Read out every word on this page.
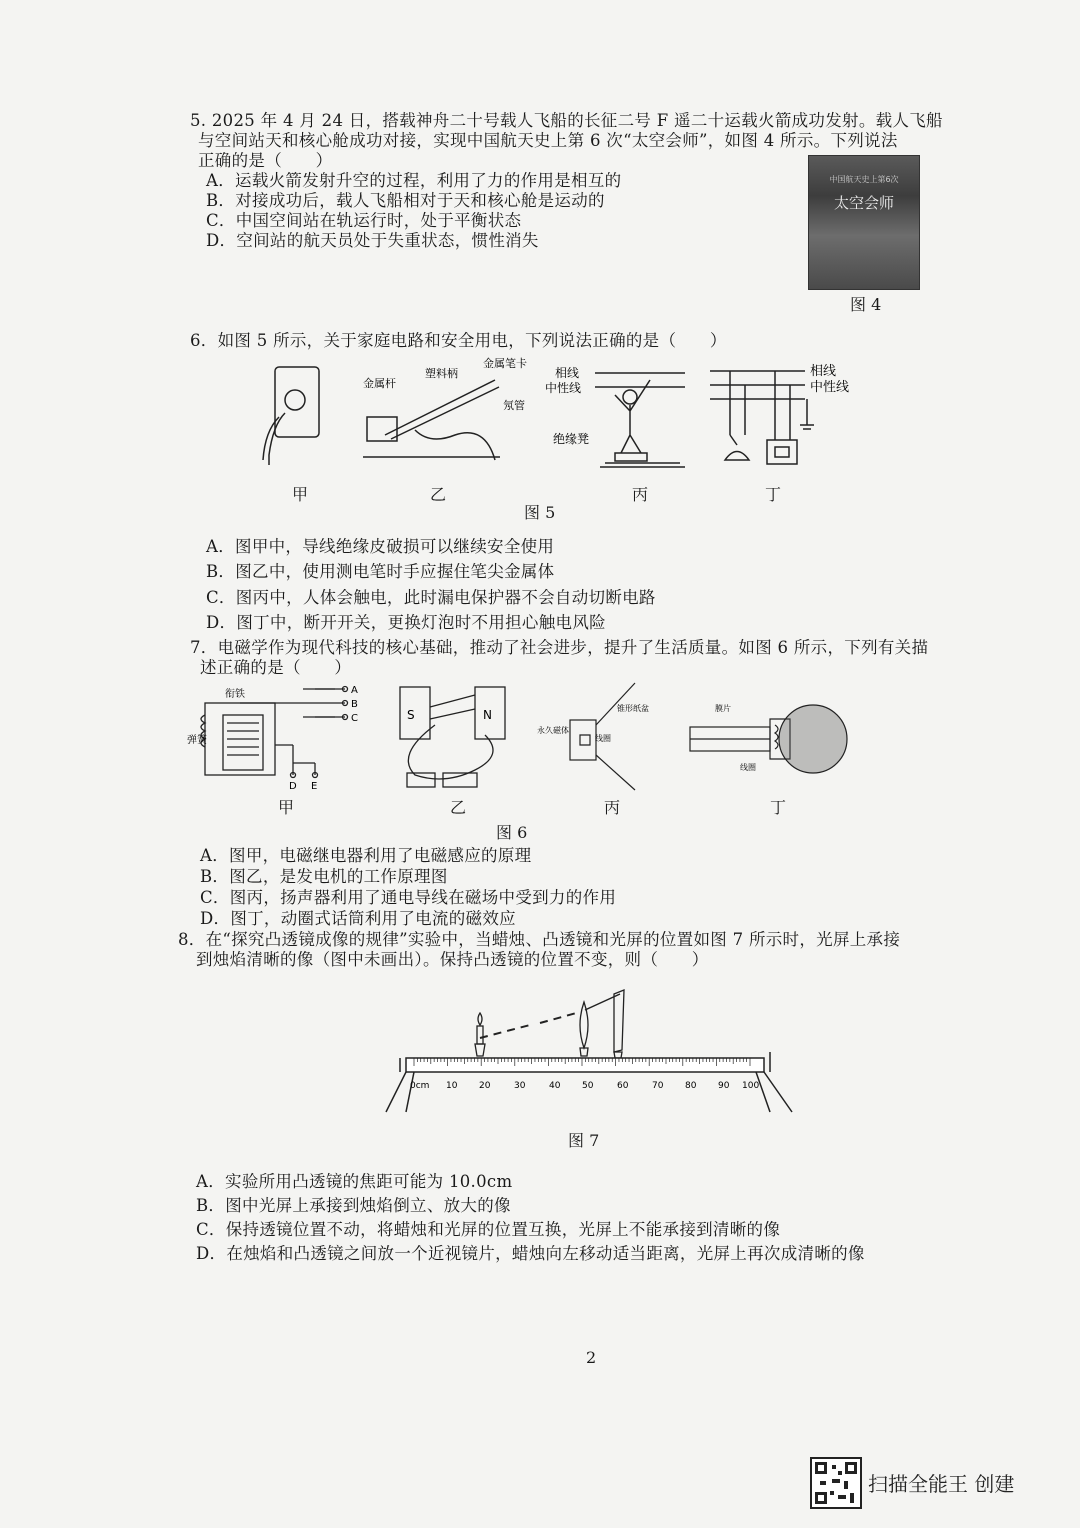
5. 2025 年 4 月 24 日，搭载神舟二十号载人飞船的长征二号 F 遥二十运载火箭成功发射。载人飞船
与空间站天和核心舱成功对接，实现中国航天史上第 6 次“太空会师”，如图 4 所示。下列说法
正确的是（　　）
A．运载火箭发射升空的过程，利用了力的作用是相互的
B．对接成功后，载人飞船相对于天和核心舱是运动的
C．中国空间站在轨运行时，处于平衡状态
D．空间站的航天员处于失重状态，惯性消失
中国航天史上第6次
太空会师
图 4
6．如图 5 所示，关于家庭电路和安全用电，下列说法正确的是（　　）
金属杆
塑料柄
金属笔卡
氖管
相线
中性线
绝缘凳
相线
中性线
甲	乙	丙	丁
图 5
A．图甲中，导线绝缘皮破损可以继续安全使用
B．图乙中，使用测电笔时手应握住笔尖金属体
C．图丙中，人体会触电，此时漏电保护器不会自动切断电路
D．图丁中，断开开关，更换灯泡时不用担心触电风险
7．电磁学作为现代科技的核心基础，推动了社会进步，提升了生活质量。如图 6 所示，下列有关描
述正确的是（　　）
衔铁
弹簧
A
B
C
D E
S	N
永久磁体
线圈
锥形纸盆	膜片
线圈
甲	乙	丙	丁
图 6
A．图甲，电磁继电器利用了电磁感应的原理
B．图乙，是发电机的工作原理图
C．图丙，扬声器利用了通电导线在磁场中受到力的作用
D．图丁，动圈式话筒利用了电流的磁效应
8．在“探究凸透镜成像的规律”实验中，当蜡烛、凸透镜和光屏的位置如图 7 所示时，光屏上承接
到烛焰清晰的像（图中未画出）。保持凸透镜的位置不变，则（　　）
0cm 10 20	30	40 50	60	70 80 90 100
图 7
A．实验所用凸透镜的焦距可能为 10.0cm
B．图中光屏上承接到烛焰倒立、放大的像
C．保持透镜位置不动，将蜡烛和光屏的位置互换，光屏上不能承接到清晰的像
D．在烛焰和凸透镜之间放一个近视镜片，蜡烛向左移动适当距离，光屏上再次成清晰的像
2
扫描全能王 创建
